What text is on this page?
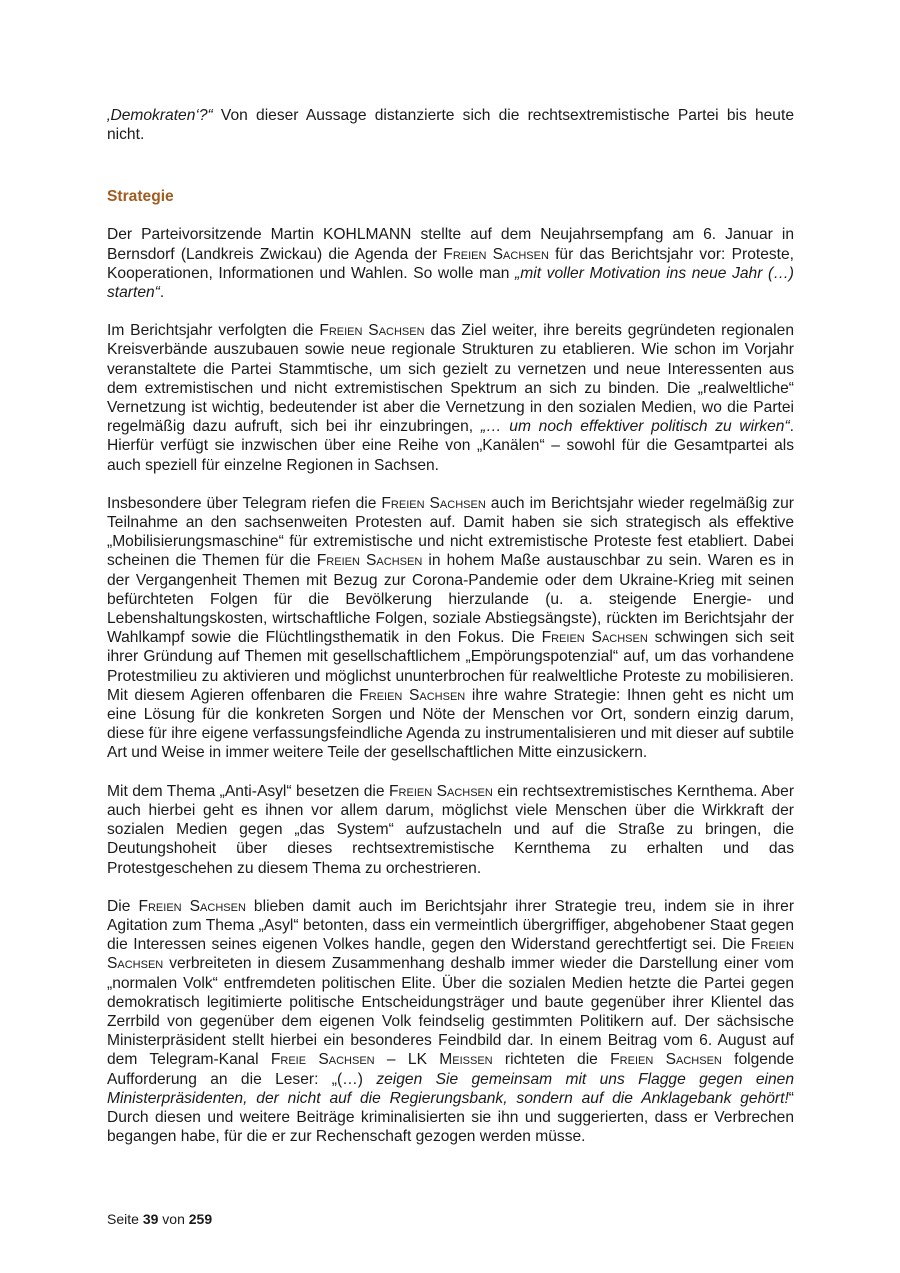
‚Demokraten‘?“ Von dieser Aussage distanzierte sich die rechtsextremistische Partei bis heute nicht.

Strategie

Der Parteivorsitzende Martin KOHLMANN stellte auf dem Neujahrsempfang am 6. Januar in Bernsdorf (Landkreis Zwickau) die Agenda der Freien Sachsen für das Berichtsjahr vor: Proteste, Kooperationen, Informationen und Wahlen. So wolle man „mit voller Motivation ins neue Jahr (…) starten“.

Im Berichtsjahr verfolgten die Freien Sachsen das Ziel weiter, ihre bereits gegründeten regionalen Kreisverbände auszubauen sowie neue regionale Strukturen zu etablieren. Wie schon im Vorjahr veranstaltete die Partei Stammtische, um sich gezielt zu vernetzen und neue Interessenten aus dem extremistischen und nicht extremistischen Spektrum an sich zu binden. Die „realweltliche“ Vernetzung ist wichtig, bedeutender ist aber die Vernetzung in den sozialen Medien, wo die Partei regelmäßig dazu aufruft, sich bei ihr einzubringen, „… um noch effektiver politisch zu wirken“. Hierfür verfügt sie inzwischen über eine Reihe von „Kanälen“ – sowohl für die Gesamtpartei als auch speziell für einzelne Regionen in Sachsen.

Insbesondere über Telegram riefen die Freien Sachsen auch im Berichtsjahr wieder regelmäßig zur Teilnahme an den sachsenweiten Protesten auf. Damit haben sie sich strategisch als effektive „Mobilisierungsmaschine“ für extremistische und nicht extremistische Proteste fest etabliert. Dabei scheinen die Themen für die Freien Sachsen in hohem Maße austauschbar zu sein. Waren es in der Vergangenheit Themen mit Bezug zur Corona-Pandemie oder dem Ukraine-Krieg mit seinen befürchteten Folgen für die Bevölkerung hierzulande (u. a. steigende Energie- und Lebenshaltungskosten, wirtschaftliche Folgen, soziale Abstiegsängste), rückten im Berichtsjahr der Wahlkampf sowie die Flüchtlingsthematik in den Fokus. Die Freien Sachsen schwingen sich seit ihrer Gründung auf Themen mit gesellschaftlichem „Empörungspotenzial“ auf, um das vorhandene Protestmilieu zu aktivieren und möglichst ununterbrochen für realweltliche Proteste zu mobilisieren. Mit diesem Agieren offenbaren die Freien Sachsen ihre wahre Strategie: Ihnen geht es nicht um eine Lösung für die konkreten Sorgen und Nöte der Menschen vor Ort, sondern einzig darum, diese für ihre eigene verfassungsfeindliche Agenda zu instrumentalisieren und mit dieser auf subtile Art und Weise in immer weitere Teile der gesellschaftlichen Mitte einzusickern.

Mit dem Thema „Anti-Asyl“ besetzen die Freien Sachsen ein rechtsextremistisches Kernthema. Aber auch hierbei geht es ihnen vor allem darum, möglichst viele Menschen über die Wirkkraft der sozialen Medien gegen „das System“ aufzustacheln und auf die Straße zu bringen, die Deutungshoheit über dieses rechtsextremistische Kernthema zu erhalten und das Protestgeschehen zu diesem Thema zu orchestrieren.

Die Freien Sachsen blieben damit auch im Berichtsjahr ihrer Strategie treu, indem sie in ihrer Agitation zum Thema „Asyl“ betonten, dass ein vermeintlich übergriffiger, abgehobener Staat gegen die Interessen seines eigenen Volkes handle, gegen den Widerstand gerechtfertigt sei. Die Freien Sachsen verbreiteten in diesem Zusammenhang deshalb immer wieder die Darstellung einer vom „normalen Volk“ entfremdeten politischen Elite. Über die sozialen Medien hetzte die Partei gegen demokratisch legitimierte politische Entscheidungsträger und baute gegenüber ihrer Klientel das Zerrbild von gegenüber dem eigenen Volk feindselig gestimmten Politikern auf. Der sächsische Ministerpräsident stellt hierbei ein besonderes Feindbild dar. In einem Beitrag vom 6. August auf dem Telegram-Kanal Freie Sachsen – LK Meißen richteten die Freien Sachsen folgende Aufforderung an die Leser: „(…) zeigen Sie gemeinsam mit uns Flagge gegen einen Ministerpräsidenten, der nicht auf die Regierungsbank, sondern auf die Anklagebank gehört!“ Durch diesen und weitere Beiträge kriminalisierten sie ihn und suggerierten, dass er Verbrechen begangen habe, für die er zur Rechenschaft gezogen werden müsse.

Seite 39 von 259
